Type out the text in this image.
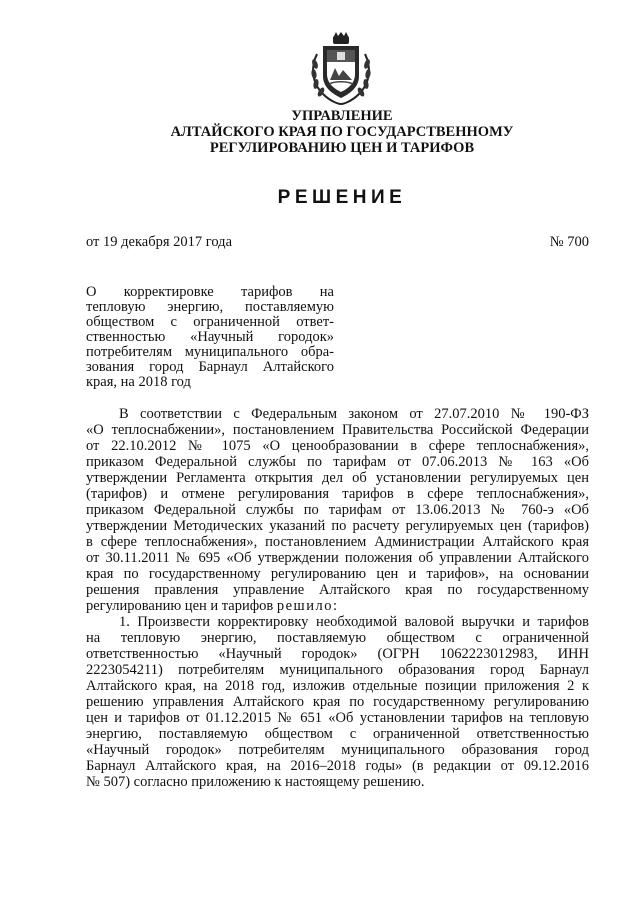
УПРАВЛЕНИЕ
АЛТАЙСКОГО КРАЯ ПО ГОСУДАРСТВЕННОМУ
РЕГУЛИРОВАНИЮ ЦЕН И ТАРИФОВ
РЕШЕНИЕ
от 19 декабря 2017 года	№ 700
О корректировке тарифов на
тепловую энергию, поставляемую
обществом с ограниченной ответ-
ственностью «Научный городок»
потребителям муниципального обра-
зования город Барнаул Алтайского
края, на 2018 год
В соответствии с Федеральным законом от 27.07.2010 № 190-ФЗ
«О теплоснабжении», постановлением Правительства Российской Федерации
от 22.10.2012 № 1075 «О ценообразовании в сфере теплоснабжения»,
приказом Федеральной службы по тарифам от 07.06.2013 № 163 «Об
утверждении Регламента открытия дел об установлении регулируемых цен
(тарифов) и отмене регулирования тарифов в сфере теплоснабжения»,
приказом Федеральной службы по тарифам от 13.06.2013 № 760-э «Об
утверждении Методических указаний по расчету регулируемых цен (тарифов)
в сфере теплоснабжения», постановлением Администрации Алтайского края
от 30.11.2011 № 695 «Об утверждении положения об управлении Алтайского
края по государственному регулированию цен и тарифов», на основании
решения правления управление Алтайского края по государственному
регулированию цен и тарифов решило:
1. Произвести корректировку необходимой валовой выручки и тарифов
на тепловую энергию, поставляемую обществом с ограниченной
ответственностью «Научный городок» (ОГРН 1062223012983, ИНН
2223054211) потребителям муниципального образования город Барнаул
Алтайского края, на 2018 год, изложив отдельные позиции приложения 2 к
решению управления Алтайского края по государственному регулированию
цен и тарифов от 01.12.2015 № 651 «Об установлении тарифов на тепловую
энергию, поставляемую обществом с ограниченной ответственностью
«Научный городок» потребителям муниципального образования город
Барнаул Алтайского края, на 2016–2018 годы» (в редакции от 09.12.2016
№ 507) согласно приложению к настоящему решению.
